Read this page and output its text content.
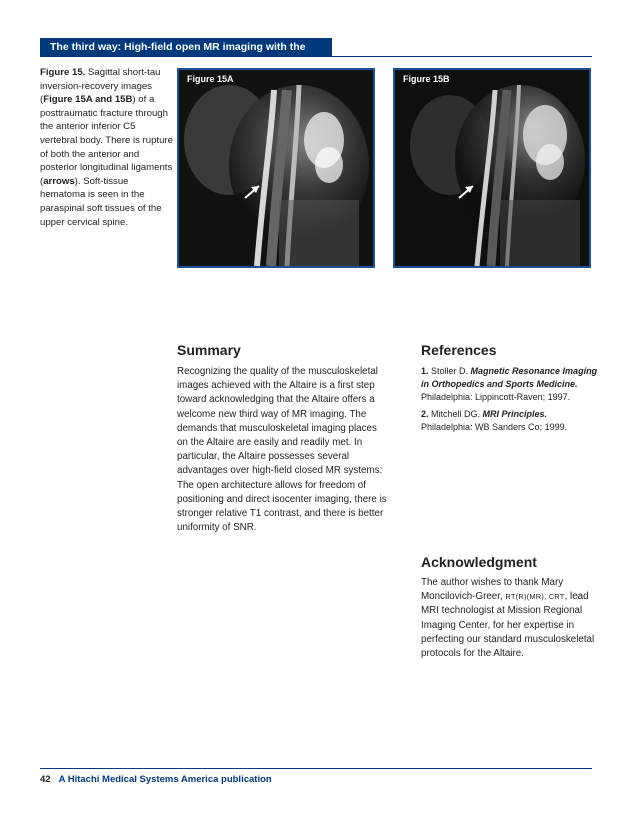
The third way: High-field open MR imaging with the Altaire®
Figure 15. Sagittal short-tau inversion-recovery images (Figure 15A and 15B) of a posttraumatic fracture through the anterior inferior C5 vertebral body. There is rupture of both the anterior and posterior longitudinal ligaments (arrows). Soft-tissue hematoma is seen in the paraspinal soft tissues of the upper cervical spine.
Figure 15A	Figure 15B
Summary
Recognizing the quality of the musculoskeletal images achieved with the Altaire is a first step toward acknowledging that the Altaire offers a welcome new third way of MR imaging. The demands that musculoskeletal imaging places on the Altaire are easily and readily met. In particular, the Altaire possesses several advantages over high-field closed MR systems: The open architecture allows for freedom of positioning and direct isocenter imaging, there is stronger relative T1 contrast, and there is better uniformity of SNR.
References
1. Stoller D. Magnetic Resonance Imaging in Orthopedics and Sports Medicine. Philadelphia: Lippincott-Raven; 1997.
2. Mitchell DG. MRI Principles. Philadelphia: WB Sanders Co; 1999.
Acknowledgment
The author wishes to thank Mary Moncilovich-Greer, RT(R)(MR), CRT, lead MRI technologist at Mission Regional Imaging Center, for her expertise in perfecting our standard musculoskeletal protocols for the Altaire.
42 A Hitachi Medical Systems America publication
